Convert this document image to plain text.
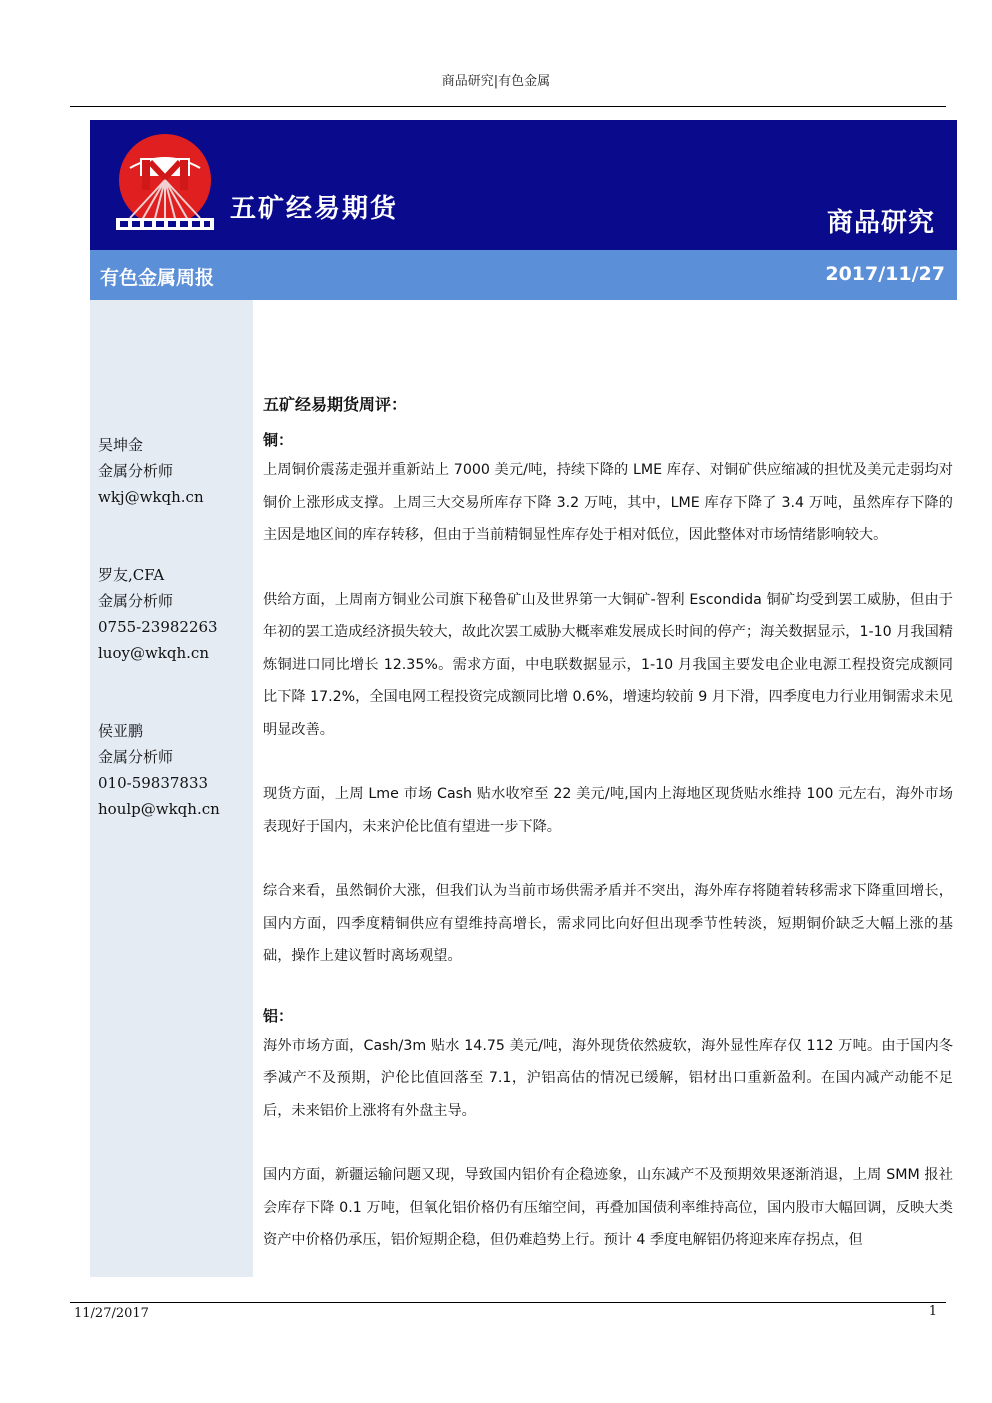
商品研究|有色金属
五矿经易期货	商品研究
有色金属周报	2017/11/27
吴坤金
金属分析师
wkj@wkqh.cn
罗友,CFA
金属分析师
0755-23982263
luoy@wkqh.cn
侯亚鹏
金属分析师
010-59837833
houlp@wkqh.cn
五矿经易期货周评：
铜：
上周铜价震荡走强并重新站上 7000 美元/吨，持续下降的 LME 库存、对铜矿供应缩减的担忧及美元走弱均对铜价上涨形成支撑。上周三大交易所库存下降 3.2 万吨，其中，LME 库存下降了 3.4 万吨，虽然库存下降的主因是地区间的库存转移，但由于当前精铜显性库存处于相对低位，因此整体对市场情绪影响较大。
供给方面，上周南方铜业公司旗下秘鲁矿山及世界第一大铜矿-智利 Escondida 铜矿均受到罢工威胁，但由于年初的罢工造成经济损失较大，故此次罢工威胁大概率难发展成长时间的停产；海关数据显示，1-10 月我国精炼铜进口同比增长 12.35%。需求方面，中电联数据显示，1-10 月我国主要发电企业电源工程投资完成额同比下降 17.2%，全国电网工程投资完成额同比增 0.6%，增速均较前 9 月下滑，四季度电力行业用铜需求未见明显改善。
现货方面，上周 Lme 市场 Cash 贴水收窄至 22 美元/吨,国内上海地区现货贴水维持 100 元左右，海外市场表现好于国内，未来沪伦比值有望进一步下降。
综合来看，虽然铜价大涨，但我们认为当前市场供需矛盾并不突出，海外库存将随着转移需求下降重回增长，国内方面，四季度精铜供应有望维持高增长，需求同比向好但出现季节性转淡，短期铜价缺乏大幅上涨的基础，操作上建议暂时离场观望。
铝：
海外市场方面，Cash/3m 贴水 14.75 美元/吨，海外现货依然疲软，海外显性库存仅 112 万吨。由于国内冬季减产不及预期，沪伦比值回落至 7.1，沪铝高估的情况已缓解，铝材出口重新盈利。在国内减产动能不足后，未来铝价上涨将有外盘主导。
国内方面，新疆运输问题又现，导致国内铝价有企稳迹象，山东减产不及预期效果逐渐消退，上周 SMM 报社会库存下降 0.1 万吨，但氧化铝价格仍有压缩空间，再叠加国债利率维持高位，国内股市大幅回调，反映大类资产中价格仍承压，铝价短期企稳，但仍难趋势上行。预计 4 季度电解铝仍将迎来库存拐点，但
11/27/2017	1
